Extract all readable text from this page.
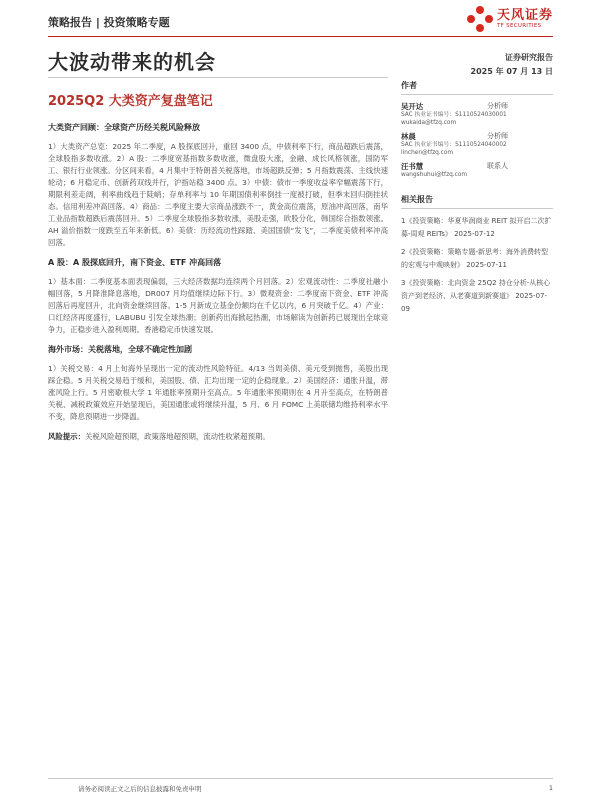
策略报告 | 投资策略专题	天风证券
TF SECURITIES
大波动带来的机会	证券研究报告
2025 年 07 月 13 日
2025Q2 大类资产复盘笔记
大类资产回顾：全球资产历经关税风险释放

1）大类资产总览：2025 年二季度，A 股探底回升，重回 3400 点，中债利率下行，商品超跌后震荡，全球股指多数收涨。2）A 股：二季度宽基指数多数收涨，微盘股大涨，金融、成长风格领涨，国防军工、银行行业领涨。分区间来看，4 月集中于特朗普关税落地，市场超跌反弹；5 月指数震荡、主线快速轮动；6 月稳定币、创新药双线并行，沪指站稳 3400 点。3）中债：债市一季度收益率窄幅震荡下行，期限利差走阔，利率曲线趋于陡峭；存单利率与 10 年期国债利率倒挂一度被打破，但季末回归倒挂状态。信用利差冲高回落。4）商品：二季度主要大宗商品涨跌不一，黄金高位震荡，原油冲高回落，南华工业品指数超跌后震荡回升。5）二季度全球股指多数收涨，美股走强，欧股分化，韩国综合指数领涨。AH 溢价指数一度跌至五年来新低。6）美债：历经流动性踩踏、美国国债“发飞”，二季度美债利率冲高回落。

A 股：A 股探底回升，南下资金、ETF 冲高回落

1）基本面：二季度基本面表现偏弱，三大经济数据均连续两个月回落。2）宏观流动性：二季度社融小幅回落，5 月降准降息落地，DR007 月均值继续边际下行。3）微观资金：二季度南下资金、ETF 冲高回落后再度回升，北向资金继续回落。1-5 月新成立基金份额均在千亿以内，6 月突破千亿。4）产业：口红经济再度盛行，LABUBU 引发全球热潮；创新药出海掀起热潮，市场解读为创新药已展现出全球竞争力，正稳步进入盈利周期。香港稳定币快速发展。

海外市场：关税落地，全球不确定性加剧

1）关税交易：4 月上旬海外呈现出一定的流动性风险特征。4/13 当周美债、美元受到抛售，美股出现踩企稳。5 月关税交易趋于缓和，美国股、债、汇均出现一定的企稳现象。2）美国经济：通胀升温，滞涨风险上行。5 月密歇根大学 1 年通胀率预期升至高点。5 年通胀率预期则在 4 月升至高点，在特朗普关税、减税政策效应开始显现后，美国通胀或将继续升温，5 月、6 月 FOMC 上美联储均维持利率水平不变，降息预期进一步降温。

风险提示：关税风险超预期，政策落地超预期，流动性收紧超预期。

作者
吴开达	分析师
SAC 执业证书编号：S1110524030001
wukaida@tfzq.com
林晨	分析师
SAC 执业证书编号：S1110524040002
linchen@tfzq.com
汪书慧	联系人
wangshuhui@tfzq.com
相关报告
1《投资策略：华夏华润商业 REIT 拟开启二次扩募-周观 REITs》 2025-07-12
2《投资策略：策略专题-新思考：海外消费转型的宏观与中观映射》 2025-07-11
3《投资策略：北向资金 25Q2 持仓分析-从核心资产到老经济、从老赛道到新赛道》 2025-07-09
请务必阅读正文之后的信息披露和免责申明	1
